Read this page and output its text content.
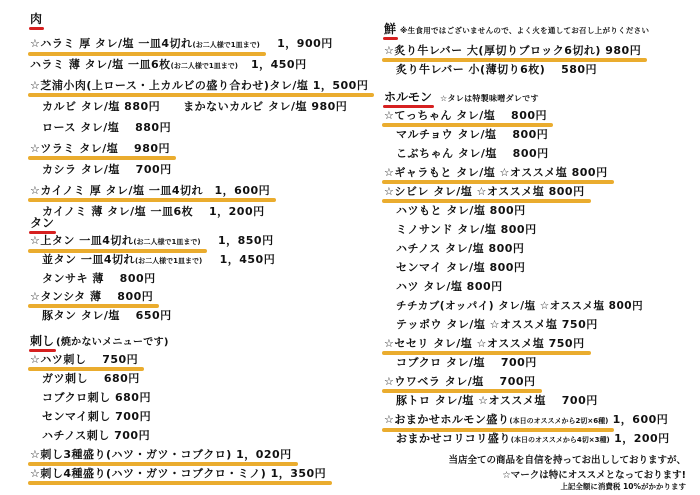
肉
☆ハラミ 厚 タレ/塩 一皿4切れ(お二人様で1皿まで) 1，900円
ハラミ 薄 タレ/塩 一皿6枚(お二人様で1皿まで) 1，450円
☆芝浦小肉(上ロース・上カルビの盛り合わせ)タレ/塩 1，500円
カルビ タレ/塩 880円　　まかないカルビ タレ/塩 980円
ロース タレ/塩　 880円
☆ツラミ タレ/塩　 980円
カシラ タレ/塩　 700円
☆カイノミ 厚 タレ/塩 一皿4切れ　1，600円
カイノミ 薄 タレ/塩 一皿6枚　 1，200円
タン
☆上タン 一皿4切れ(お二人様で1皿まで) 1，850円
並タン 一皿4切れ(お二人様で1皿まで) 1，450円
タンサキ 薄　 800円
☆タンシタ 薄　 800円
豚タン タレ/塩　 650円
刺し (焼かないメニューです)
☆ハツ刺し　 750円
ガツ刺し　 680円
コブクロ刺し 680円
センマイ刺し 700円
ハチノス刺し 700円
☆刺し3種盛り(ハツ・ガツ・コブクロ) 1，020円
☆刺し4種盛り(ハツ・ガツ・コブクロ・ミノ) 1，350円
鮮 ※生食用ではございませんので、よく火を通してお召し上がりください
☆炙り牛レバー 大(厚切りブロック6切れ) 980円
炙り牛レバー 小(薄切り6枚)　 580円
ホルモン ☆タレは特製味噌ダレです
☆てっちゃん タレ/塩　 800円
マルチョウ タレ/塩　 800円
こぶちゃん タレ/塩　 800円
☆ギャラもと タレ/塩 ☆オススメ塩 800円
☆シビレ タレ/塩 ☆オススメ塩 800円
ハツもと タレ/塩 800円
ミノサンド タレ/塩 800円
ハチノス タレ/塩 800円
センマイ タレ/塩 800円
ハツ タレ/塩 800円
チチカブ(オッパイ) タレ/塩 ☆オススメ塩 800円
テッポウ タレ/塩 ☆オススメ塩 750円
☆セセリ タレ/塩 ☆オススメ塩 750円
コブクロ タレ/塩　 700円
☆ウワベラ タレ/塩　 700円
豚トロ タレ/塩 ☆オススメ塩　 700円
☆おまかせホルモン盛り(本日のオススメから2切×6種) 1，600円
おまかせコリコリ盛り(本日のオススメから4切×3種) 1，200円
当店全ての商品を自信を持ってお出ししておりますが、
☆マークは特にオススメとなっております!
上記全額に消費税 10%がかかります
